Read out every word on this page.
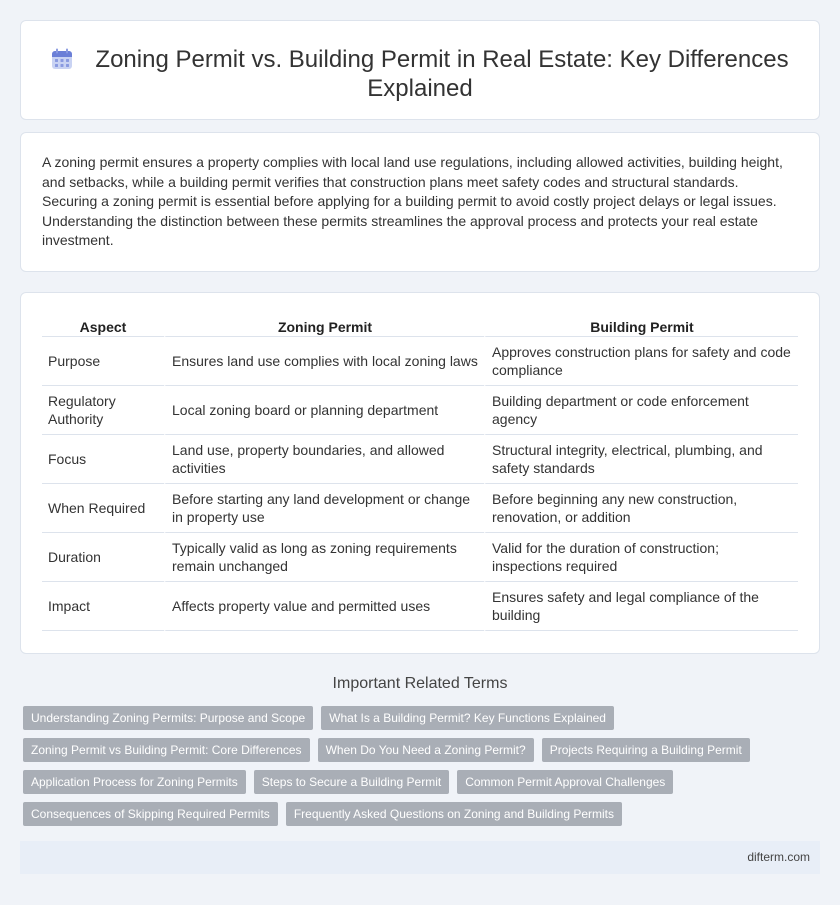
Zoning Permit vs. Building Permit in Real Estate: Key Differences Explained

A zoning permit ensures a property complies with local land use regulations, including allowed activities, building height, and setbacks, while a building permit verifies that construction plans meet safety codes and structural standards. Securing a zoning permit is essential before applying for a building permit to avoid costly project delays or legal issues. Understanding the distinction between these permits streamlines the approval process and protects your real estate investment.

Aspect	Zoning Permit	Building Permit
Purpose	Ensures land use complies with local zoning laws	Approves construction plans for safety and code compliance
Regulatory Authority	Local zoning board or planning department	Building department or code enforcement agency
Focus	Land use, property boundaries, and allowed activities	Structural integrity, electrical, plumbing, and safety standards
When Required	Before starting any land development or change in property use	Before beginning any new construction, renovation, or addition
Duration	Typically valid as long as zoning requirements remain unchanged	Valid for the duration of construction; inspections required
Impact	Affects property value and permitted uses	Ensures safety and legal compliance of the building
Important Related Terms
Understanding Zoning Permits: Purpose and Scope	What Is a Building Permit? Key Functions Explained
Zoning Permit vs Building Permit: Core Differences	When Do You Need a Zoning Permit?	Projects Requiring a Building Permit
Application Process for Zoning Permits	Steps to Secure a Building Permit	Common Permit Approval Challenges
Consequences of Skipping Required Permits	Frequently Asked Questions on Zoning and Building Permits
difterm.com
